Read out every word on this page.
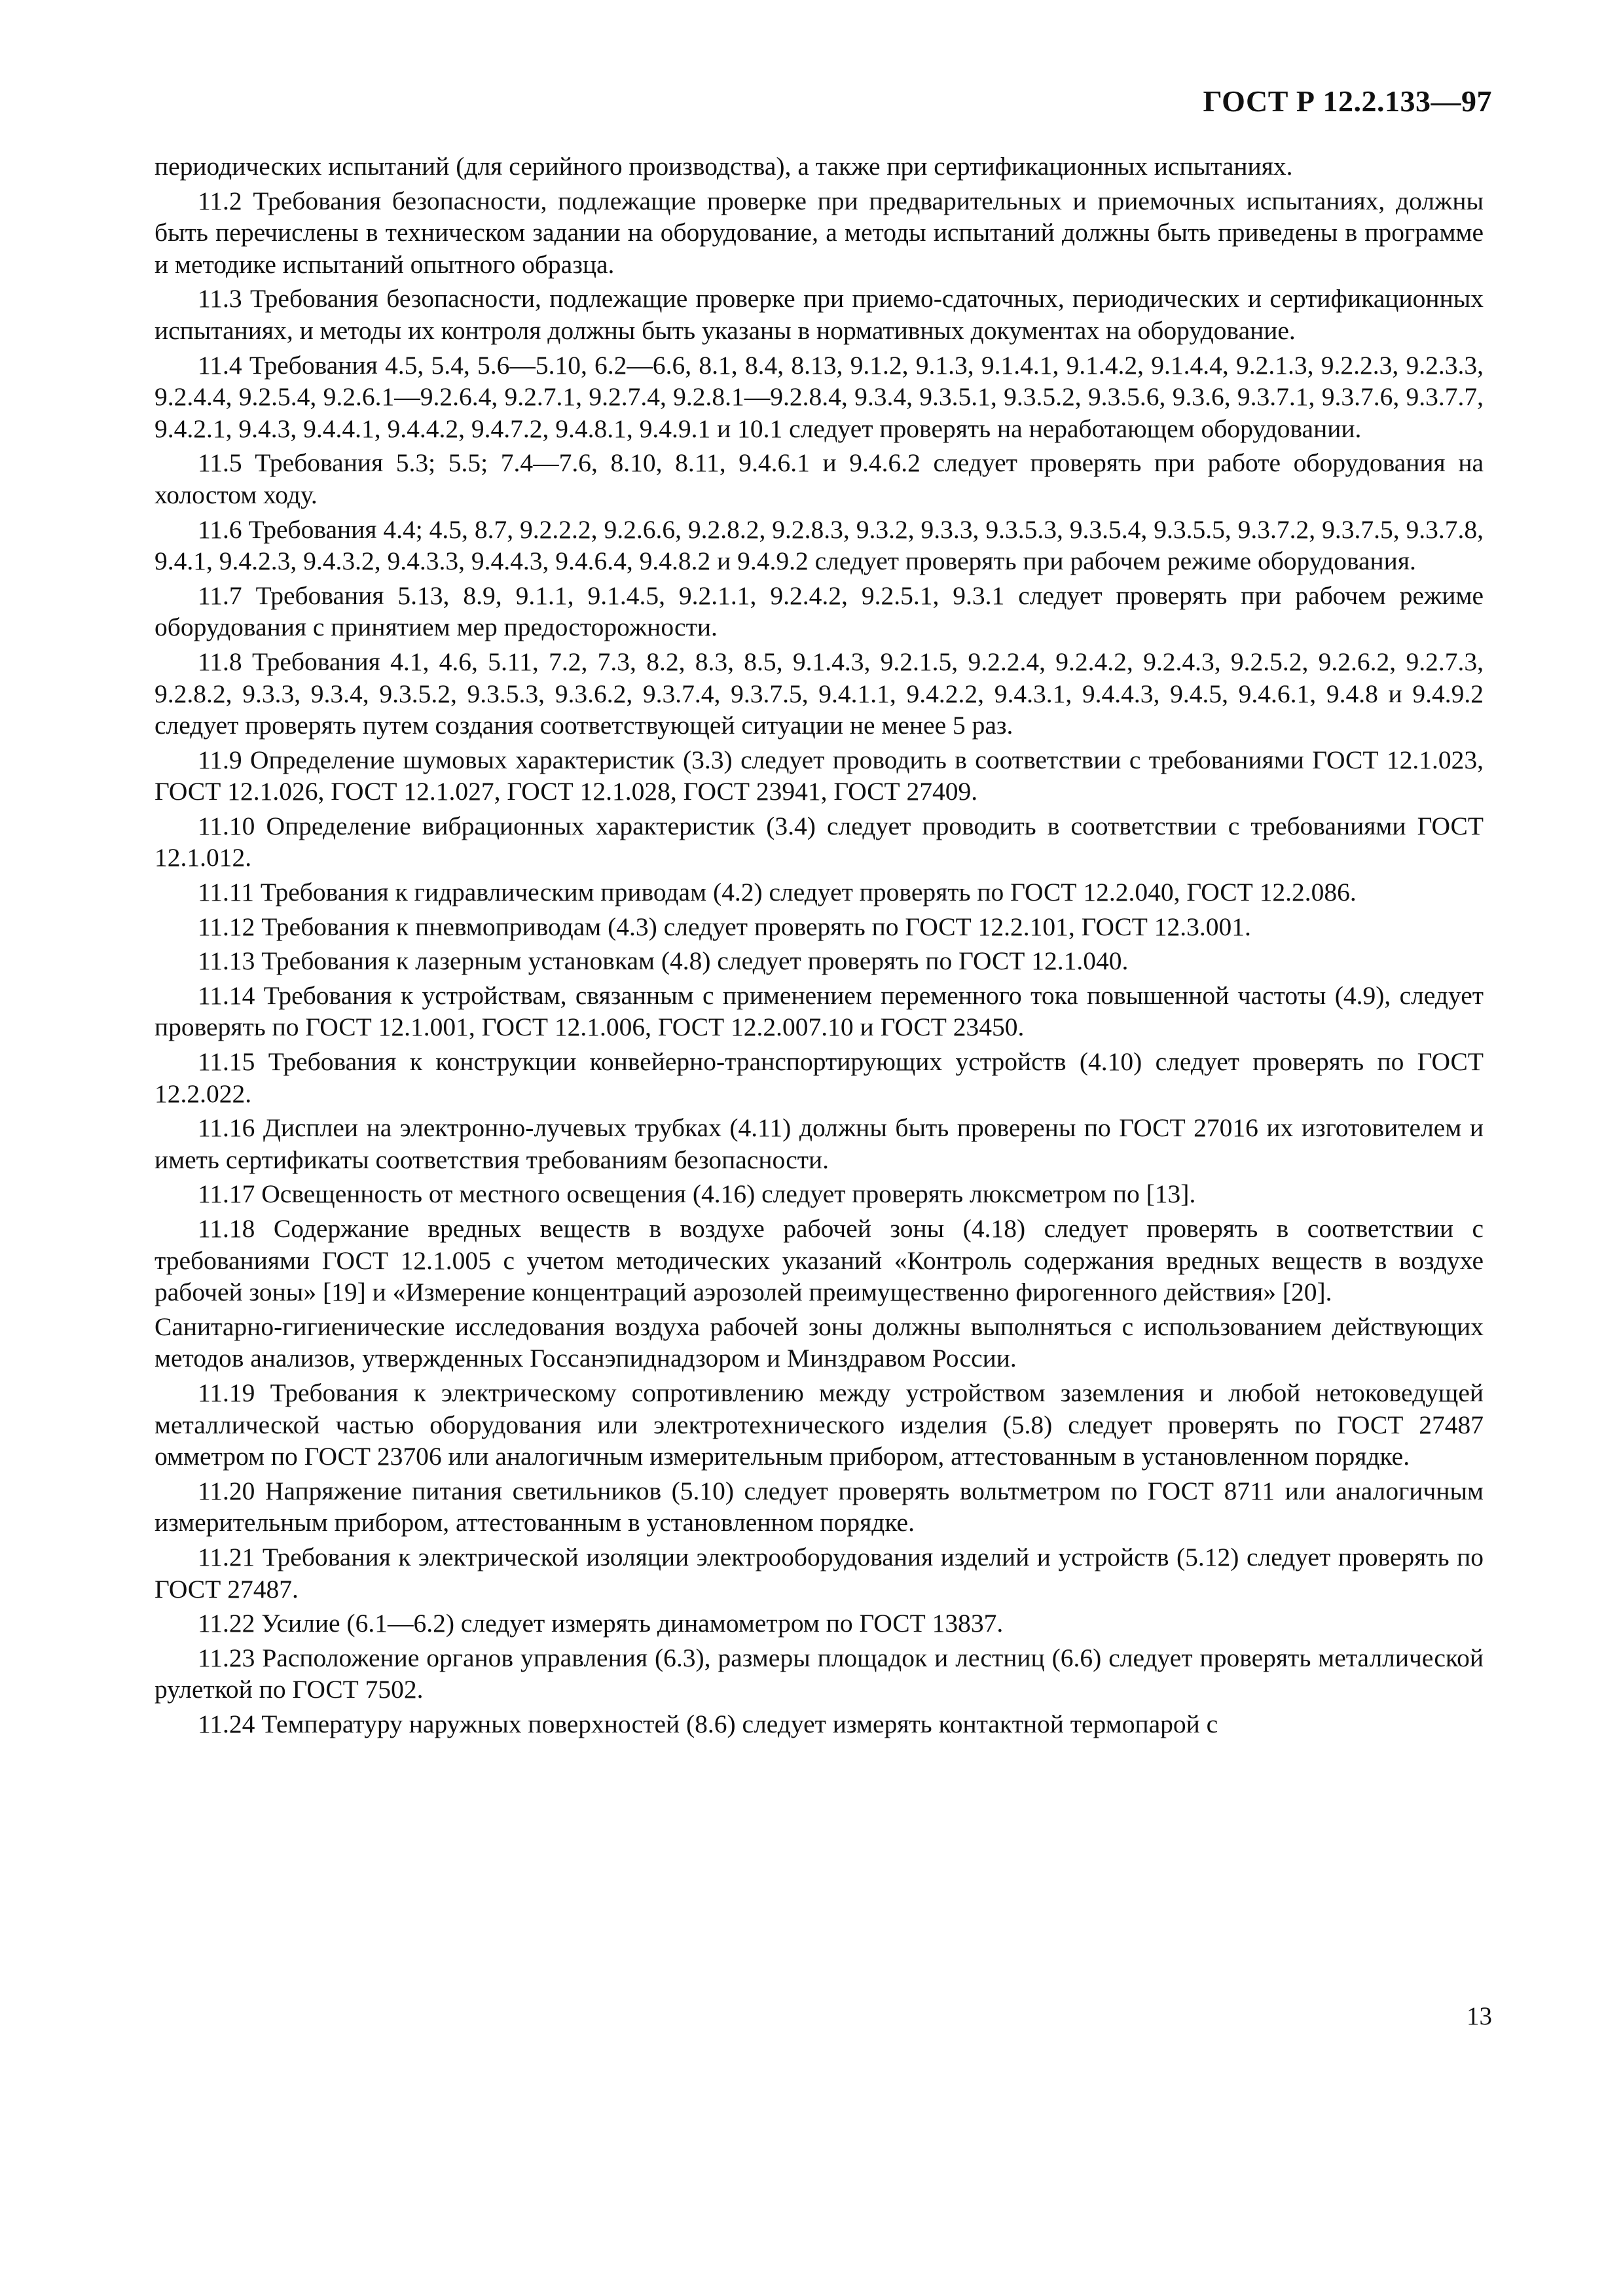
ГОСТ Р 12.2.133—97

периодических испытаний (для серийного производства), а также при сертификационных испытаниях.

11.2 Требования безопасности, подлежащие проверке при предварительных и приемочных испытаниях, должны быть перечислены в техническом задании на оборудование, а методы испытаний должны быть приведены в программе и методике испытаний опытного образца.

11.3 Требования безопасности, подлежащие проверке при приемо-сдаточных, периодических и сертификационных испытаниях, и методы их контроля должны быть указаны в нормативных документах на оборудование.

11.4 Требования 4.5, 5.4, 5.6—5.10, 6.2—6.6, 8.1, 8.4, 8.13, 9.1.2, 9.1.3, 9.1.4.1, 9.1.4.2, 9.1.4.4, 9.2.1.3, 9.2.2.3, 9.2.3.3, 9.2.4.4, 9.2.5.4, 9.2.6.1—9.2.6.4, 9.2.7.1, 9.2.7.4, 9.2.8.1—9.2.8.4, 9.3.4, 9.3.5.1, 9.3.5.2, 9.3.5.6, 9.3.6, 9.3.7.1, 9.3.7.6, 9.3.7.7, 9.4.2.1, 9.4.3, 9.4.4.1, 9.4.4.2, 9.4.7.2, 9.4.8.1, 9.4.9.1 и 10.1 следует проверять на неработающем оборудовании.

11.5 Требования 5.3; 5.5; 7.4—7.6, 8.10, 8.11, 9.4.6.1 и 9.4.6.2 следует проверять при работе оборудования на холостом ходу.

11.6 Требования 4.4; 4.5, 8.7, 9.2.2.2, 9.2.6.6, 9.2.8.2, 9.2.8.3, 9.3.2, 9.3.3, 9.3.5.3, 9.3.5.4, 9.3.5.5, 9.3.7.2, 9.3.7.5, 9.3.7.8, 9.4.1, 9.4.2.3, 9.4.3.2, 9.4.3.3, 9.4.4.3, 9.4.6.4, 9.4.8.2 и 9.4.9.2 следует проверять при рабочем режиме оборудования.

11.7 Требования 5.13, 8.9, 9.1.1, 9.1.4.5, 9.2.1.1, 9.2.4.2, 9.2.5.1, 9.3.1 следует проверять при рабочем режиме оборудования с принятием мер предосторожности.

11.8 Требования 4.1, 4.6, 5.11, 7.2, 7.3, 8.2, 8.3, 8.5, 9.1.4.3, 9.2.1.5, 9.2.2.4, 9.2.4.2, 9.2.4.3, 9.2.5.2, 9.2.6.2, 9.2.7.3, 9.2.8.2, 9.3.3, 9.3.4, 9.3.5.2, 9.3.5.3, 9.3.6.2, 9.3.7.4, 9.3.7.5, 9.4.1.1, 9.4.2.2, 9.4.3.1, 9.4.4.3, 9.4.5, 9.4.6.1, 9.4.8 и 9.4.9.2 следует проверять путем создания соответствующей ситуации не менее 5 раз.

11.9 Определение шумовых характеристик (3.3) следует проводить в соответствии с требованиями ГОСТ 12.1.023, ГОСТ 12.1.026, ГОСТ 12.1.027, ГОСТ 12.1.028, ГОСТ 23941, ГОСТ 27409.

11.10 Определение вибрационных характеристик (3.4) следует проводить в соответствии с требованиями ГОСТ 12.1.012.

11.11 Требования к гидравлическим приводам (4.2) следует проверять по ГОСТ 12.2.040, ГОСТ 12.2.086.

11.12 Требования к пневмоприводам (4.3) следует проверять по ГОСТ 12.2.101, ГОСТ 12.3.001.

11.13 Требования к лазерным установкам (4.8) следует проверять по ГОСТ 12.1.040.

11.14 Требования к устройствам, связанным с применением переменного тока повышенной частоты (4.9), следует проверять по ГОСТ 12.1.001, ГОСТ 12.1.006, ГОСТ 12.2.007.10 и ГОСТ 23450.

11.15 Требования к конструкции конвейерно-транспортирующих устройств (4.10) следует проверять по ГОСТ 12.2.022.

11.16 Дисплеи на электронно-лучевых трубках (4.11) должны быть проверены по ГОСТ 27016 их изготовителем и иметь сертификаты соответствия требованиям безопасности.

11.17 Освещенность от местного освещения (4.16) следует проверять люксметром по [13].

11.18 Содержание вредных веществ в воздухе рабочей зоны (4.18) следует проверять в соответствии с требованиями ГОСТ 12.1.005 с учетом методических указаний «Контроль содержания вредных веществ в воздухе рабочей зоны» [19] и «Измерение концентраций аэрозолей преимущественно фирогенного действия» [20].

Санитарно-гигиенические исследования воздуха рабочей зоны должны выполняться с использованием действующих методов анализов, утвержденных Госсанэпиднадзором и Минздравом России.

11.19 Требования к электрическому сопротивлению между устройством заземления и любой нетоковедущей металлической частью оборудования или электротехнического изделия (5.8) следует проверять по ГОСТ 27487 омметром по ГОСТ 23706 или аналогичным измерительным прибором, аттестованным в установленном порядке.

11.20 Напряжение питания светильников (5.10) следует проверять вольтметром по ГОСТ 8711 или аналогичным измерительным прибором, аттестованным в установленном порядке.

11.21 Требования к электрической изоляции электрооборудования изделий и устройств (5.12) следует проверять по ГОСТ 27487.

11.22 Усилие (6.1—6.2) следует измерять динамометром по ГОСТ 13837.

11.23 Расположение органов управления (6.3), размеры площадок и лестниц (6.6) следует проверять металлической рулеткой по ГОСТ 7502.

11.24 Температуру наружных поверхностей (8.6) следует измерять контактной термопарой с

13
